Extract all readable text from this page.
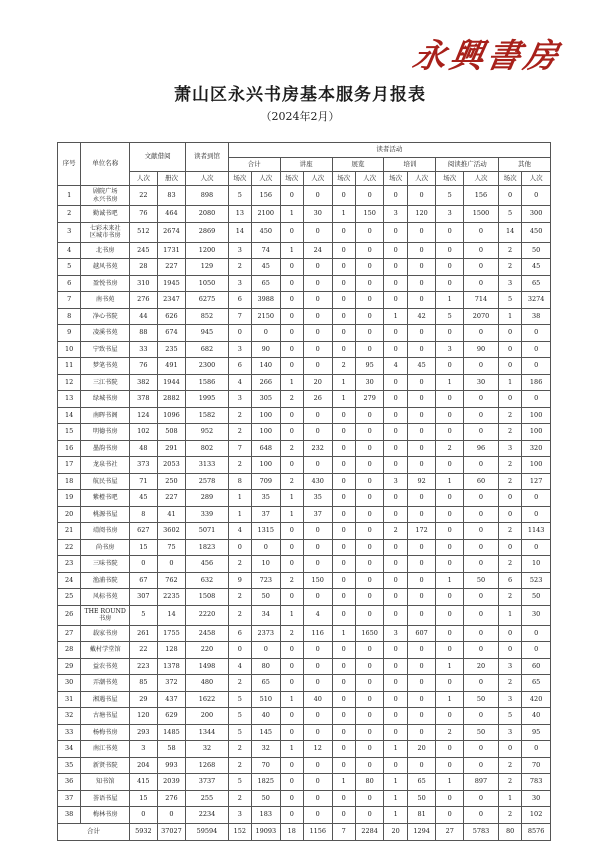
永興書房
萧山区永兴书房基本服务月报表
（2024年2月）
序号	单位名称	文献借阅		读者到馆	读者活动											
					合计		讲座		展览		培训		阅读推广活动		其他	
		人次	册次	人次	场次	人次	场次	人次	场次	人次	场次	人次	场次	人次	场次	人次
1	剧院广场
永兴书房	22	83	898	5	156	0	0	0	0	0	0	5	156	0	0
2	勤诚书吧	76	464	2080	13	2100	1	30	1	150	3	120	3	1500	5	300
3	七彩未来社
区城市书房	512	2674	2869	14	450	0	0	0	0	0	0	0	0	14	450
4	北书房	245	1731	1200	3	74	1	24	0	0	0	0	0	0	2	50
5	越风书苑	28	227	129	2	45	0	0	0	0	0	0	0	0	2	45
6	盈悦书房	310	1945	1050	3	65	0	0	0	0	0	0	0	0	3	65
7	南书苑	276	2347	6275	6	3988	0	0	0	0	0	0	1	714	5	3274
8	净心书院	44	626	852	7	2150	0	0	0	0	1	42	5	2070	1	38
9	凌溪书苑	88	674	945	0	0	0	0	0	0	0	0	0	0	0	0
10	宁致书屋	33	235	682	3	90	0	0	0	0	0	0	3	90	0	0
11	梦笔书苑	76	491	2300	6	140	0	0	2	95	4	45	0	0	0	0
12	三江书院	382	1944	1586	4	266	1	20	1	30	0	0	1	30	1	186
13	绿城书房	378	2882	1995	3	305	2	26	1	279	0	0	0	0	0	0
14	南晖书阁	124	1096	1582	2	100	0	0	0	0	0	0	0	0	2	100
15	明德书房	102	508	952	2	100	0	0	0	0	0	0	0	0	2	100
16	墨韵书房	48	291	802	7	648	2	232	0	0	0	0	2	96	3	320
17	龙泉书社	373	2053	3133	2	100	0	0	0	0	0	0	0	0	2	100
18	航民书屋	71	250	2578	8	709	2	430	0	0	3	92	1	60	2	127
19	紫橙书吧	45	227	289	1	35	1	35	0	0	0	0	0	0	0	0
20	桃源书屋	8	41	339	1	37	1	37	0	0	0	0	0	0	0	0
21	靖阅书房	627	3602	5071	4	1315	0	0	0	0	2	172	0	0	2	1143
22	尚书房	15	75	1823	0	0	0	0	0	0	0	0	0	0	0	0
23	三味书院	0	0	456	2	10	0	0	0	0	0	0	0	0	2	10
24	渔浦书院	67	762	632	9	723	2	150	0	0	0	0	1	50	6	523
25	风标书苑	307	2235	1508	2	50	0	0	0	0	0	0	0	0	2	50
26	THE ROUND
书房	5	14	2220	2	34	1	4	0	0	0	0	0	0	1	30
27	载家书房	261	1755	2458	6	2373	2	116	1	1650	3	607	0	0	0	0
28	戴村学堂馆	22	128	220	0	0	0	0	0	0	0	0	0	0	0	0
29	益农书苑	223	1378	1498	4	80	0	0	0	0	0	0	1	20	3	60
30	弄潮书苑	85	372	480	2	65	0	0	0	0	0	0	0	0	2	65
31	湘遇书屋	29	437	1622	5	510	1	40	0	0	0	0	1	50	3	420
32	古塘书屋	120	629	200	5	40	0	0	0	0	0	0	0	0	5	40
33	杨梅书房	293	1485	1344	5	145	0	0	0	0	0	0	2	50	3	95
34	南江书苑	3	58	32	2	32	1	12	0	0	1	20	0	0	0	0
35	新贤书院	204	993	1268	2	70	0	0	0	0	0	0	0	0	2	70
36	知书馆	415	2039	3737	5	1825	0	0	1	80	1	65	1	897	2	783
37	荟语书屋	15	276	255	2	50	0	0	0	0	1	50	0	0	1	30
38	梅林书房	0	0	2234	3	183	0	0	0	0	1	81	0	0	2	102
合计		5932	37027	59594	152	19093	18	1156	7	2284	20	1294	27	5783	80	8576
